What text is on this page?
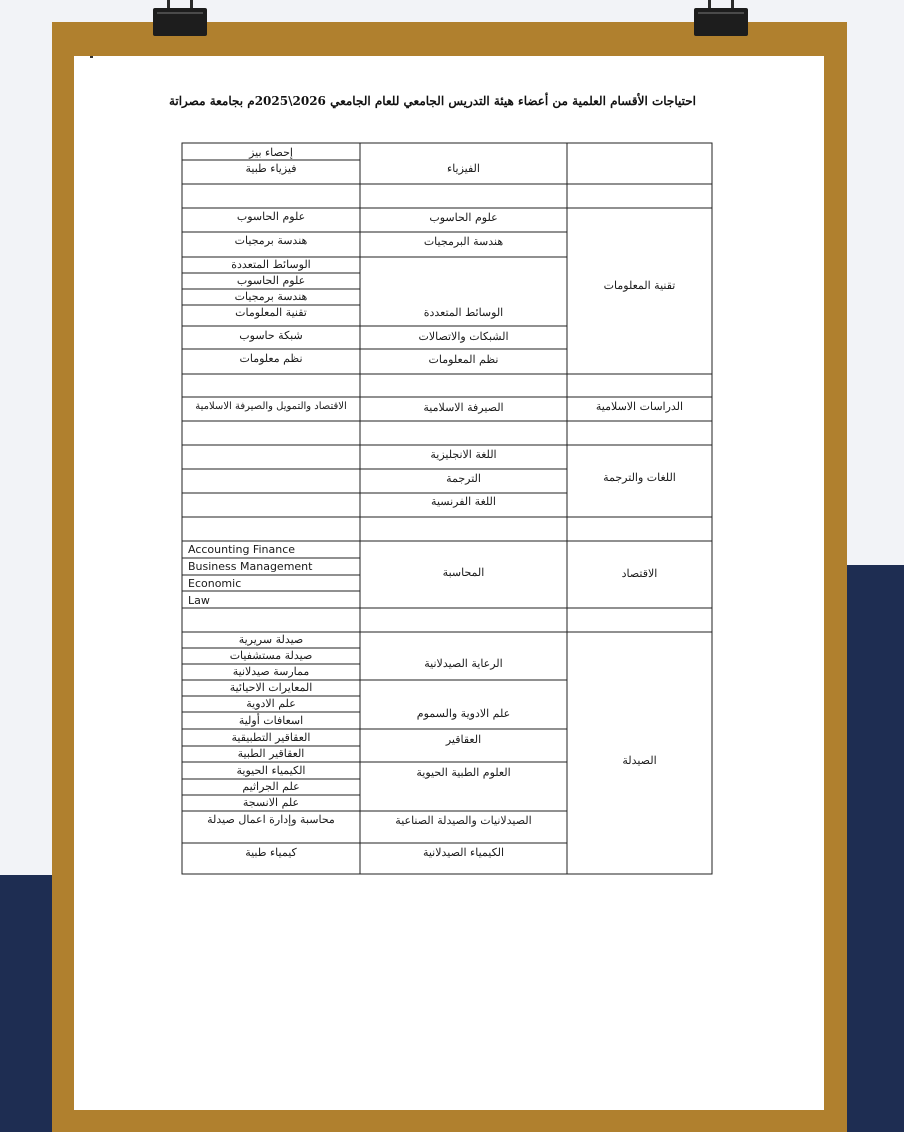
احتياجات الأقسام العلمية من أعضاء هيئة التدريس الجامعي للعام الجامعي 2026\2025م بجامعة مصراتة
تقنية المعلومات
الدراسات الاسلامية
اللغات والترجمة
الاقتصاد
الصيدلة
الفيزياء
علوم الحاسوب
هندسة البرمجيات
الوسائط المتعددة
الشبكات والاتصالات
نظم المعلومات
الصيرفة الاسلامية
اللغة الانجليزية
الترجمة
اللغة الفرنسية
المحاسبة
الرعاية الصيدلانية
علم الادوية والسموم
العقاقير
العلوم الطبية الحيوية
الصيدلانيات والصيدلة الصناعية
الكيمياء الصيدلانية
إحصاء بيز
فيزياء طبية
علوم الحاسوب
هندسة برمجيات
الوسائط المتعددة
علوم الحاسوب
هندسة برمجيات
تقنية المعلومات
شبكة حاسوب
نظم معلومات
الاقتصاد والتمويل والصيرفة الاسلامية
Accounting Finance
Business Management
Economic
Law
صيدلة سريرية
صيدلة مستشفيات
ممارسة صيدلانية
المعايرات الاحيائية
علم الادوية
اسعافات أولية
العقاقير التطبيقية
العقاقير الطبية
الكيمياء الحيوية
علم الجراثيم
علم الانسجة
محاسبة وإدارة اعمال صيدلة
كيمياء طبية
